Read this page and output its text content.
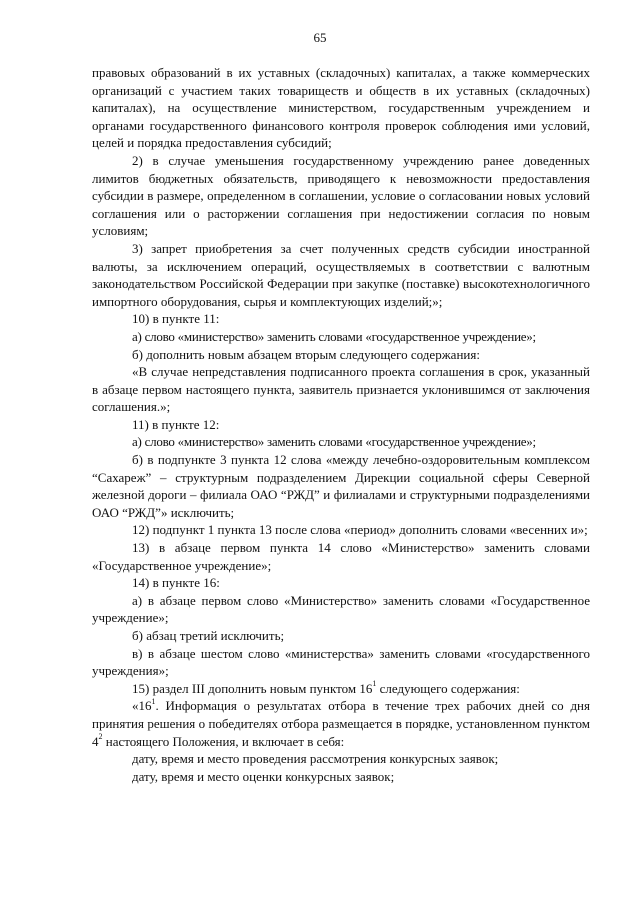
65

правовых образований в их уставных (складочных) капиталах, а также коммерческих организаций с участием таких товариществ и обществ в их уставных (складочных) капиталах), на осуществление министерством, государственным учреждением и органами государственного финансового контроля проверок соблюдения ими условий, целей и порядка предоставления субсидий;

2) в случае уменьшения государственному учреждению ранее доведенных лимитов бюджетных обязательств, приводящего к невозможности предоставления субсидии в размере, определенном в соглашении, условие о согласовании новых условий соглашения или о расторжении соглашения при недостижении согласия по новым условиям;

3) запрет приобретения за счет полученных средств субсидии иностранной валюты, за исключением операций, осуществляемых в соответствии с валютным законодательством Российской Федерации при закупке (поставке) высокотехнологичного импортного оборудования, сырья и комплектующих изделий;»;

10) в пункте 11:

а) слово «министерство» заменить словами «государственное учреждение»;

б) дополнить новым абзацем вторым следующего содержания:

«В случае непредставления подписанного проекта соглашения в срок, указанный в абзаце первом настоящего пункта, заявитель признается уклонившимся от заключения соглашения.»;

11) в пункте 12:

а) слово «министерство» заменить словами «государственное учреждение»;

б) в подпункте 3 пункта 12 слова «между лечебно-оздоровительным комплексом “Сахареж” – структурным подразделением Дирекции социальной сферы Северной железной дороги – филиала ОАО “РЖД” и филиалами и структурными подразделениями ОАО “РЖД”» исключить;

12) подпункт 1 пункта 13 после слова «период» дополнить словами «весенних и»;

13) в абзаце первом пункта 14 слово «Министерство» заменить словами «Государственное учреждение»;

14) в пункте 16:

а) в абзаце первом слово «Министерство» заменить словами «Государственное учреждение»;

б) абзац третий исключить;

в) в абзаце шестом слово «министерства» заменить словами «государственного учреждения»;

15) раздел III дополнить новым пунктом $16^1$ следующего содержания:

«$16^1$. Информация о результатах отбора в течение трех рабочих дней со дня принятия решения о победителях отбора размещается в порядке, установленном пунктом $4^2$ настоящего Положения, и включает в себя:

дату, время и место проведения рассмотрения конкурсных заявок;

дату, время и место оценки конкурсных заявок;
